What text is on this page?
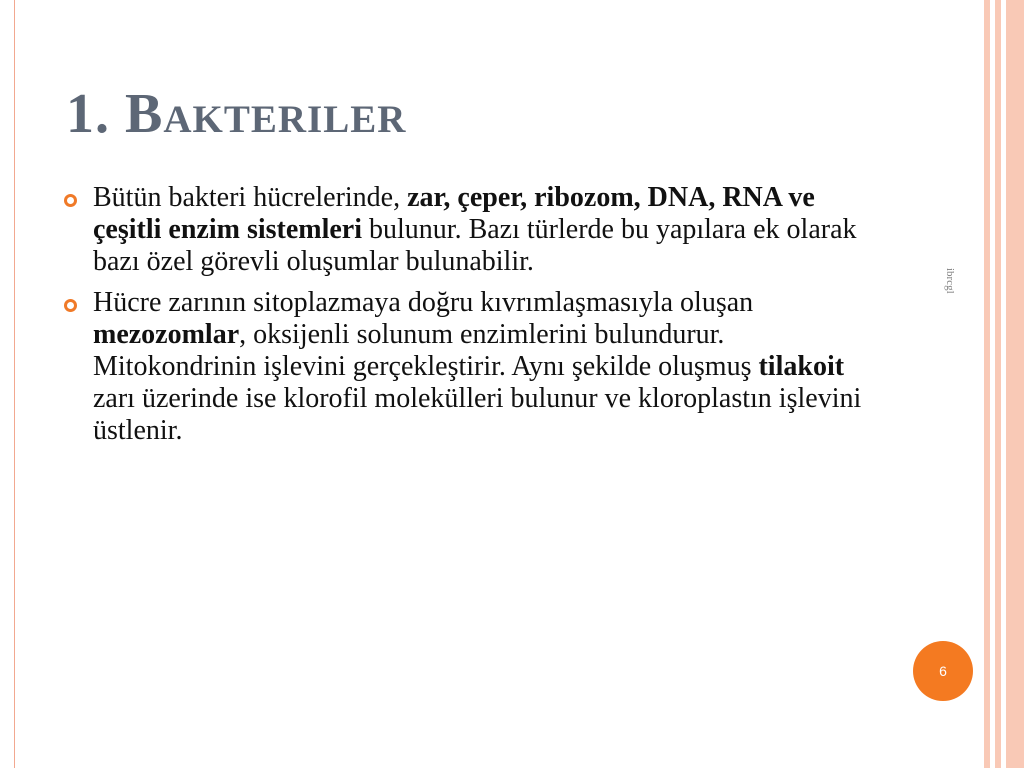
1. Bakteriler
Bütün bakteri hücrelerinde, zar, çeper, ribozom, DNA, RNA ve çeşitli enzim sistemleri bulunur. Bazı türlerde bu yapılara ek olarak bazı özel görevli oluşumlar bulunabilir.
Hücre zarının sitoplazmaya doğru kıvrımlaşmasıyla oluşan mezozomlar, oksijenli solunum enzimlerini bulundurur. Mitokondrinin işlevini gerçekleştirir. Aynı şekilde oluşmuş tilakoit zarı üzerinde ise klorofil molekülleri bulunur ve kloroplastın işlevini üstlenir.
ibrcgl
6
